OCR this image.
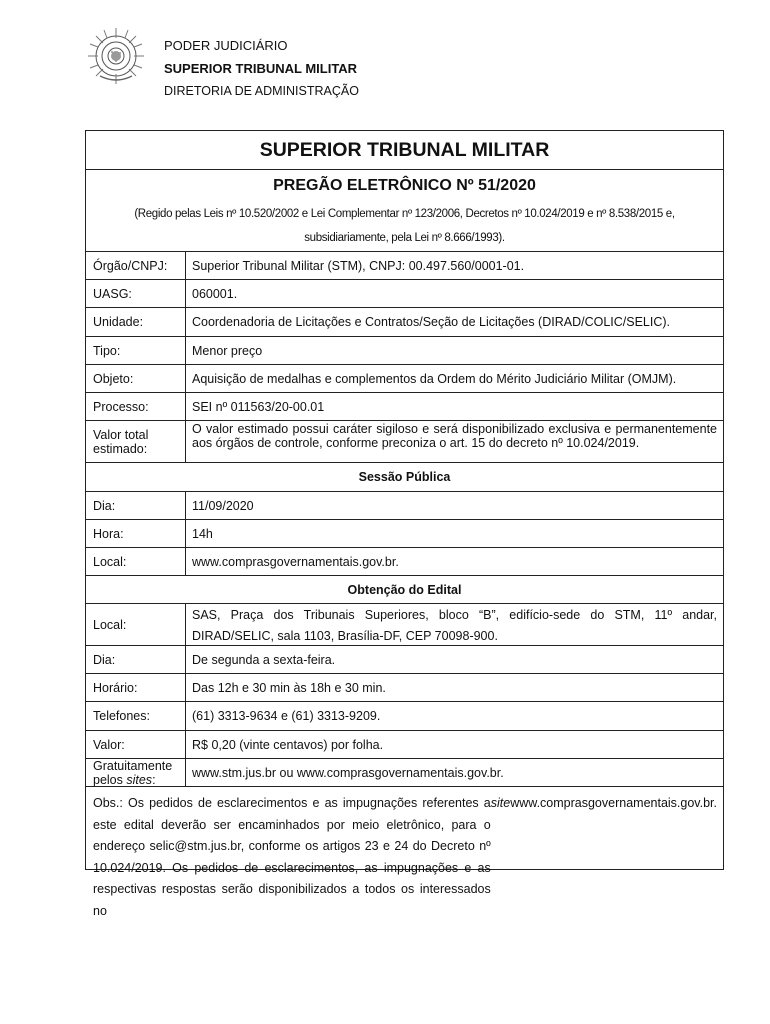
PODER JUDICIÁRIO
SUPERIOR TRIBUNAL MILITAR
DIRETORIA DE ADMINISTRAÇÃO
SUPERIOR TRIBUNAL MILITAR
PREGÃO ELETRÔNICO Nº 51/2020
(Regido pelas Leis nº 10.520/2002 e Lei Complementar nº 123/2006, Decretos nº 10.024/2019 e nº 8.538/2015 e,
subsidiariamente, pela Lei nº 8.666/1993).
Órgão/CNPJ:	Superior Tribunal Militar (STM), CNPJ: 00.497.560/0001-01.
UASG:	060001.
Unidade:	Coordenadoria de Licitações e Contratos/Seção de Licitações (DIRAD/COLIC/SELIC).
Tipo:	Menor preço
Objeto:	Aquisição de medalhas e complementos da Ordem do Mérito Judiciário Militar (OMJM).
Processo:	SEI nº 011563/20-00.01
Valor total estimado:
O valor estimado possui caráter sigiloso e será disponibilizado exclusiva e permanentemente aos órgãos de controle, conforme preconiza o art. 15 do decreto nº 10.024/2019.
Sessão Pública
Dia:	11/09/2020
Hora:	14h
Local:	www.comprasgovernamentais.gov.br.
Obtenção do Edital
Local:
SAS, Praça dos Tribunais Superiores, bloco “B”, edifício-sede do STM, 11º andar, DIRAD/SELIC, sala 1103, Brasília-DF, CEP 70098-900.
Dia:	De segunda a sexta-feira.
Horário:	Das 12h e 30 min às 18h e 30 min.
Telefones:	(61) 3313-9634 e (61) 3313-9209.
Valor:	R$ 0,20 (vinte centavos) por folha.
Gratuitamente pelos sites:	www.stm.jus.br ou www.comprasgovernamentais.gov.br.
Obs.: Os pedidos de esclarecimentos e as impugnações referentes a este edital deverão ser encaminhados por meio eletrônico, para o endereço selic@stm.jus.br, conforme os artigos 23 e 24 do Decreto nº 10.024/2019. Os pedidos de esclarecimentos, as impugnações e as respectivas respostas serão disponibilizados a todos os interessados no
site www.comprasgovernamentais.gov.br.
